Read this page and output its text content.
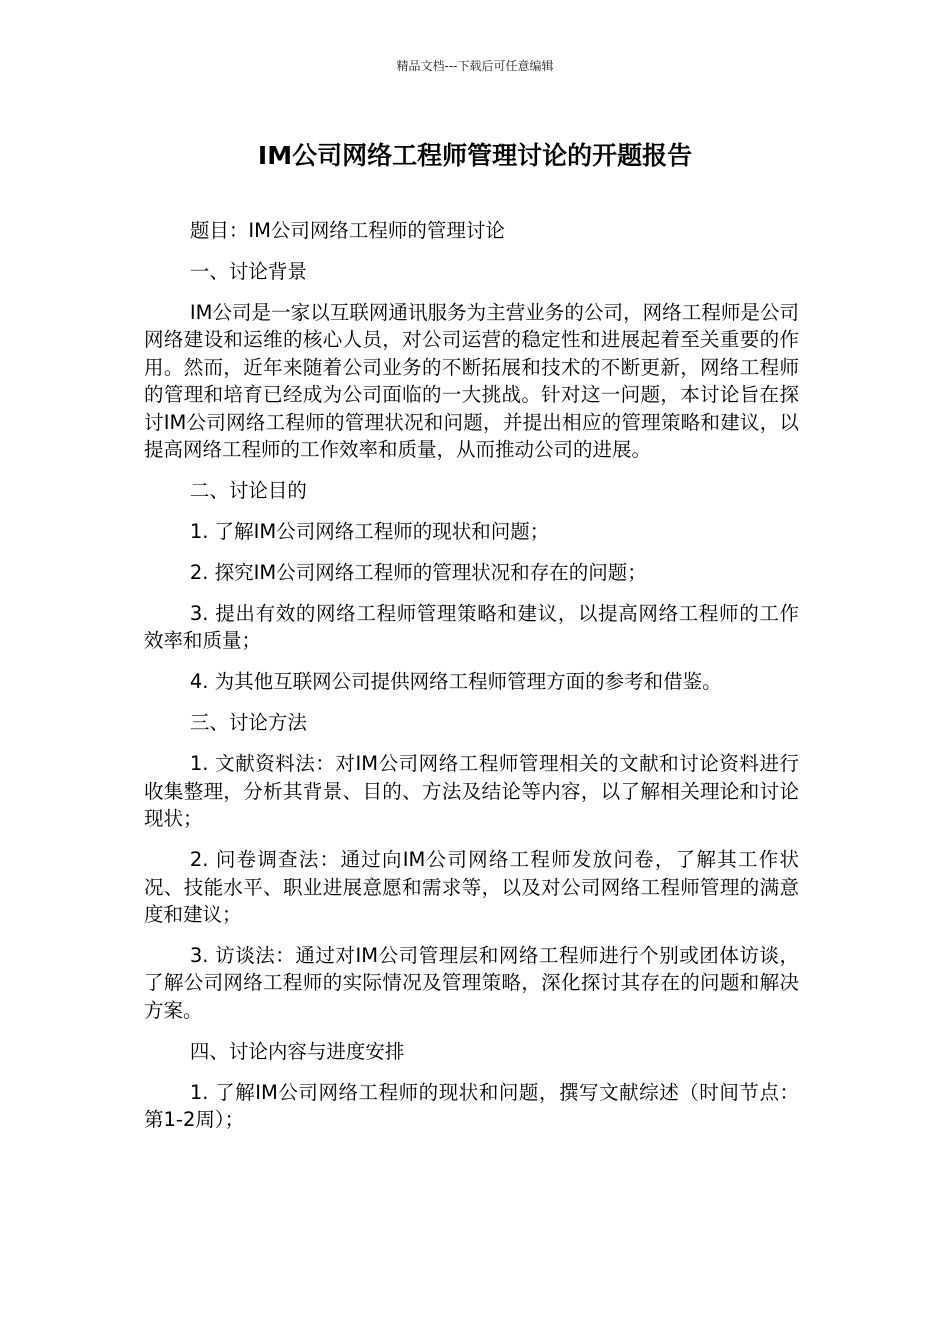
精品文档---下载后可任意编辑
IM公司网络工程师管理讨论的开题报告

题目：IM公司网络工程师的管理讨论

一、讨论背景

IM公司是一家以互联网通讯服务为主营业务的公司，网络工程师是公司网络建设和运维的核心人员，对公司运营的稳定性和进展起着至关重要的作用。然而，近年来随着公司业务的不断拓展和技术的不断更新，网络工程师的管理和培育已经成为公司面临的一大挑战。针对这一问题，本讨论旨在探讨IM公司网络工程师的管理状况和问题，并提出相应的管理策略和建议，以提高网络工程师的工作效率和质量，从而推动公司的进展。

二、讨论目的

1. 了解IM公司网络工程师的现状和问题；

2. 探究IM公司网络工程师的管理状况和存在的问题；

3. 提出有效的网络工程师管理策略和建议，以提高网络工程师的工作效率和质量；

4. 为其他互联网公司提供网络工程师管理方面的参考和借鉴。

三、讨论方法

1. 文献资料法：对IM公司网络工程师管理相关的文献和讨论资料进行收集整理，分析其背景、目的、方法及结论等内容，以了解相关理论和讨论现状；

2. 问卷调查法：通过向IM公司网络工程师发放问卷，了解其工作状况、技能水平、职业进展意愿和需求等，以及对公司网络工程师管理的满意度和建议；

3. 访谈法：通过对IM公司管理层和网络工程师进行个别或团体访谈，了解公司网络工程师的实际情况及管理策略，深化探讨其存在的问题和解决方案。

四、讨论内容与进度安排

1. 了解IM公司网络工程师的现状和问题，撰写文献综述（时间节点：第1-2周）；
